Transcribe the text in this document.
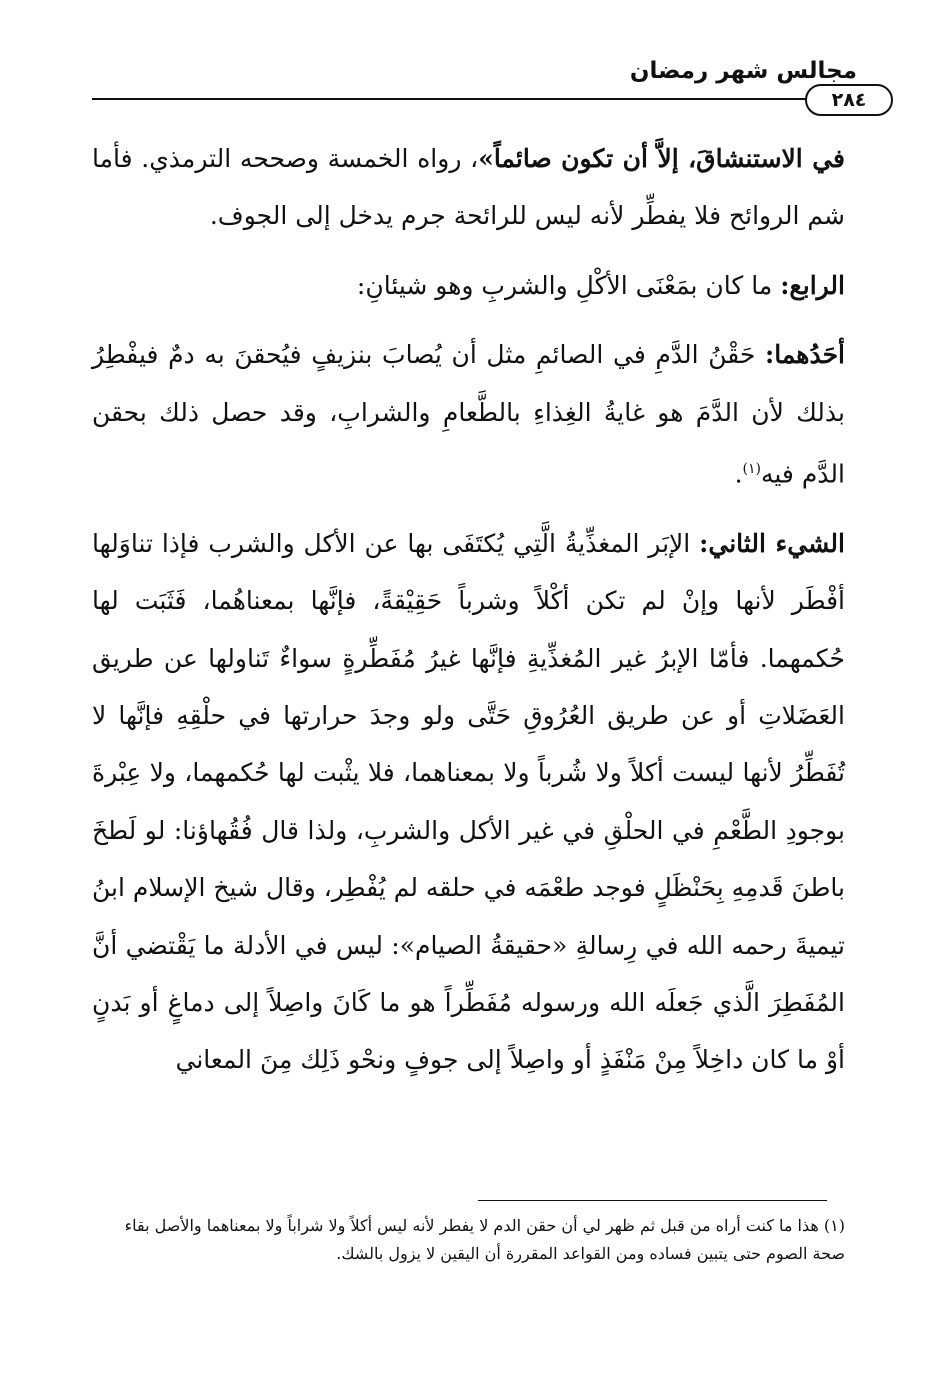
مجالس شهر رمضان
٢٨٤

في الاستنشاقَ، إلاَّ أن تكون صائماً»، رواه الخمسة وصححه الترمذي. فأما شم الروائح فلا يفطِّر لأنه ليس للرائحة جرم يدخل إلى الجوف.

الرابع: ما كان بمَعْنَى الأكْلِ والشربِ وهو شيئانِ:

أحَدُهما: حَقْنُ الدَّمِ في الصائمِ مثل أن يُصابَ بنزيفٍ فيُحقنَ به دمٌ فيفْطِرُ بذلك لأن الدَّمَ هو غايةُ الغِذاءِ بالطَّعامِ والشرابِ، وقد حصل ذلك بحقن الدَّم فيه$^{(١)}$.

الشيء الثاني: الإبَر المغذِّيةُ الَّتِي يُكتَفَى بها عن الأكل والشرب فإذا تناوَلها أفْطَر لأنها وإنْ لم تكن أكْلاً وشرباً حَقِيْقةً، فإنَّها بمعناهُما، فَثَبَت لها حُكمهما. فأمّا الإبرُ غير المُغذِّيةِ فإنَّها غيرُ مُفَطِّرةٍ سواءٌ تَناولها عن طريق العَضَلاتِ أو عن طريق العُرُوقِ حَتَّى ولو وجدَ حرارتها في حلْقِهِ فإنَّها لا تُفَطِّرُ لأنها ليست أكلاً ولا شُرباً ولا بمعناهما، فلا يثْبت لها حُكمهما، ولا عِبْرةَ بوجودِ الطَّعْمِ في الحلْقِ في غير الأكل والشربِ، ولذا قال فُقُهاؤنا: لو لَطخَ باطنَ قَدمِهِ بِحَنْظَلٍ فوجد طعْمَه في حلقه لم يُفْطِر، وقال شيخ الإسلام ابنُ تيميةَ رحمه الله في رِسالةِ «حقيقةُ الصيام»: ليس في الأدلة ما يَقْتضي أنَّ المُفَطِرَ الَّذي جَعلَه الله ورسوله مُفَطِّراً هو ما كَانَ واصِلاً إلى دماغٍ أو بَدنٍ أوْ ما كان داخِلاً مِنْ مَنْفَذٍ أو واصِلاً إلى جوفٍ ونحْو ذَلِك مِنَ المعاني

(١) هذا ما كنت أراه من قبل ثم ظهر لي أن حقن الدم لا يفطر لأنه ليس أكلاً ولا شراباً ولا بمعناهما والأصل بقاء صحة الصوم حتى يتبين فساده ومن القواعد المقررة أن اليقين لا يزول بالشك.
